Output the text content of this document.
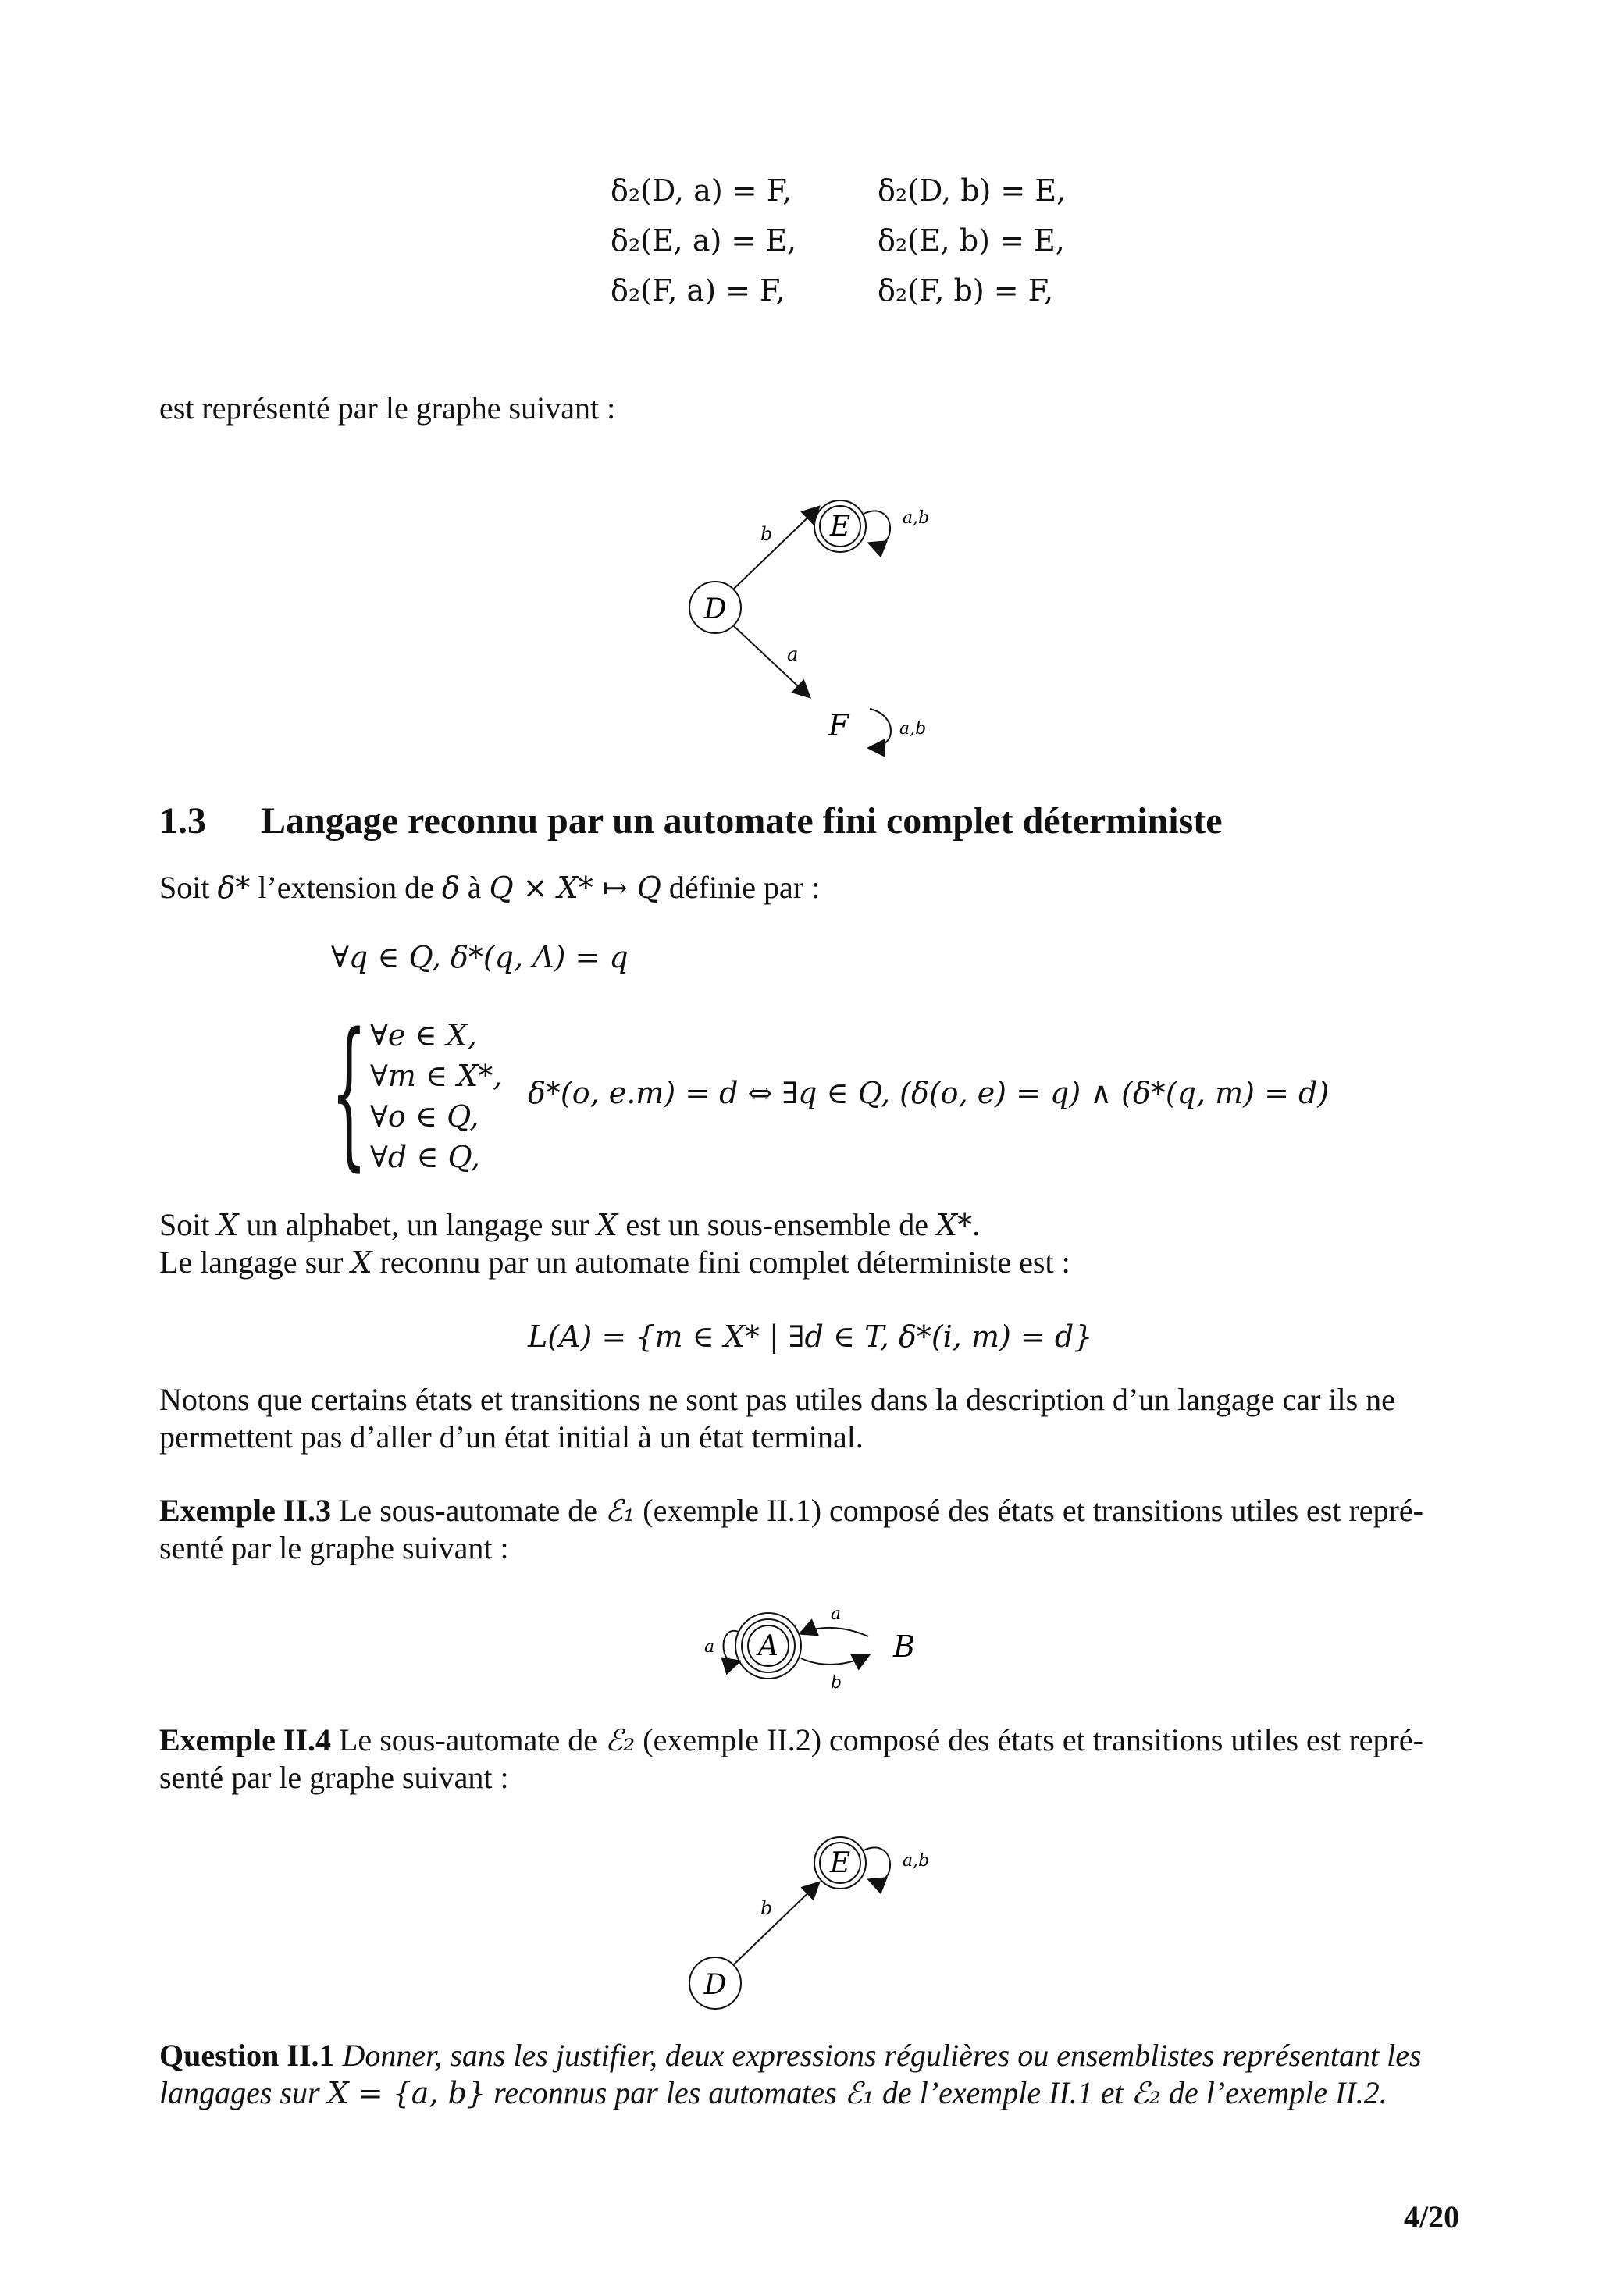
δ₂(D, a) = F,	δ₂(D, b) = E,
δ₂(E, a) = E,	δ₂(E, b) = E,
δ₂(F, a) = F,	δ₂(F, b) = F,
est représenté par le graphe suivant :
E	a,b
D
b
a
F	a,b
1.3 Langage reconnu par un automate fini complet déterministe
Soit δ* l’extension de δ à Q × X* ↦ Q définie par :
∀q ∈ Q, δ*(q, Λ) = q
{ ∀e ∈ X,
∀m ∈ X*,
∀o ∈ Q,
∀d ∈ Q,
δ*(o, e.m) = d ⇔ ∃q ∈ Q, (δ(o, e) = q) ∧ (δ*(q, m) = d)
Soit X un alphabet, un langage sur X est un sous-ensemble de X*.
Le langage sur X reconnu par un automate fini complet déterministe est :
L(A) = {m ∈ X* | ∃d ∈ T, δ*(i, m) = d}
Notons que certains états et transitions ne sont pas utiles dans la description d’un langage car ils ne
permettent pas d’aller d’un état initial à un état terminal.
Exemple II.3 Le sous-automate de ℰ₁ (exemple II.1) composé des états et transitions utiles est repré-
senté par le graphe suivant :
A
a
a
b
B
Exemple II.4 Le sous-automate de ℰ₂ (exemple II.2) composé des états et transitions utiles est repré-
senté par le graphe suivant :
E	a,b
D
b
Question II.1 Donner, sans les justifier, deux expressions régulières ou ensemblistes représentant les
langages sur X = {a, b} reconnus par les automates ℰ₁ de l’exemple II.1 et ℰ₂ de l’exemple II.2.
4/20
